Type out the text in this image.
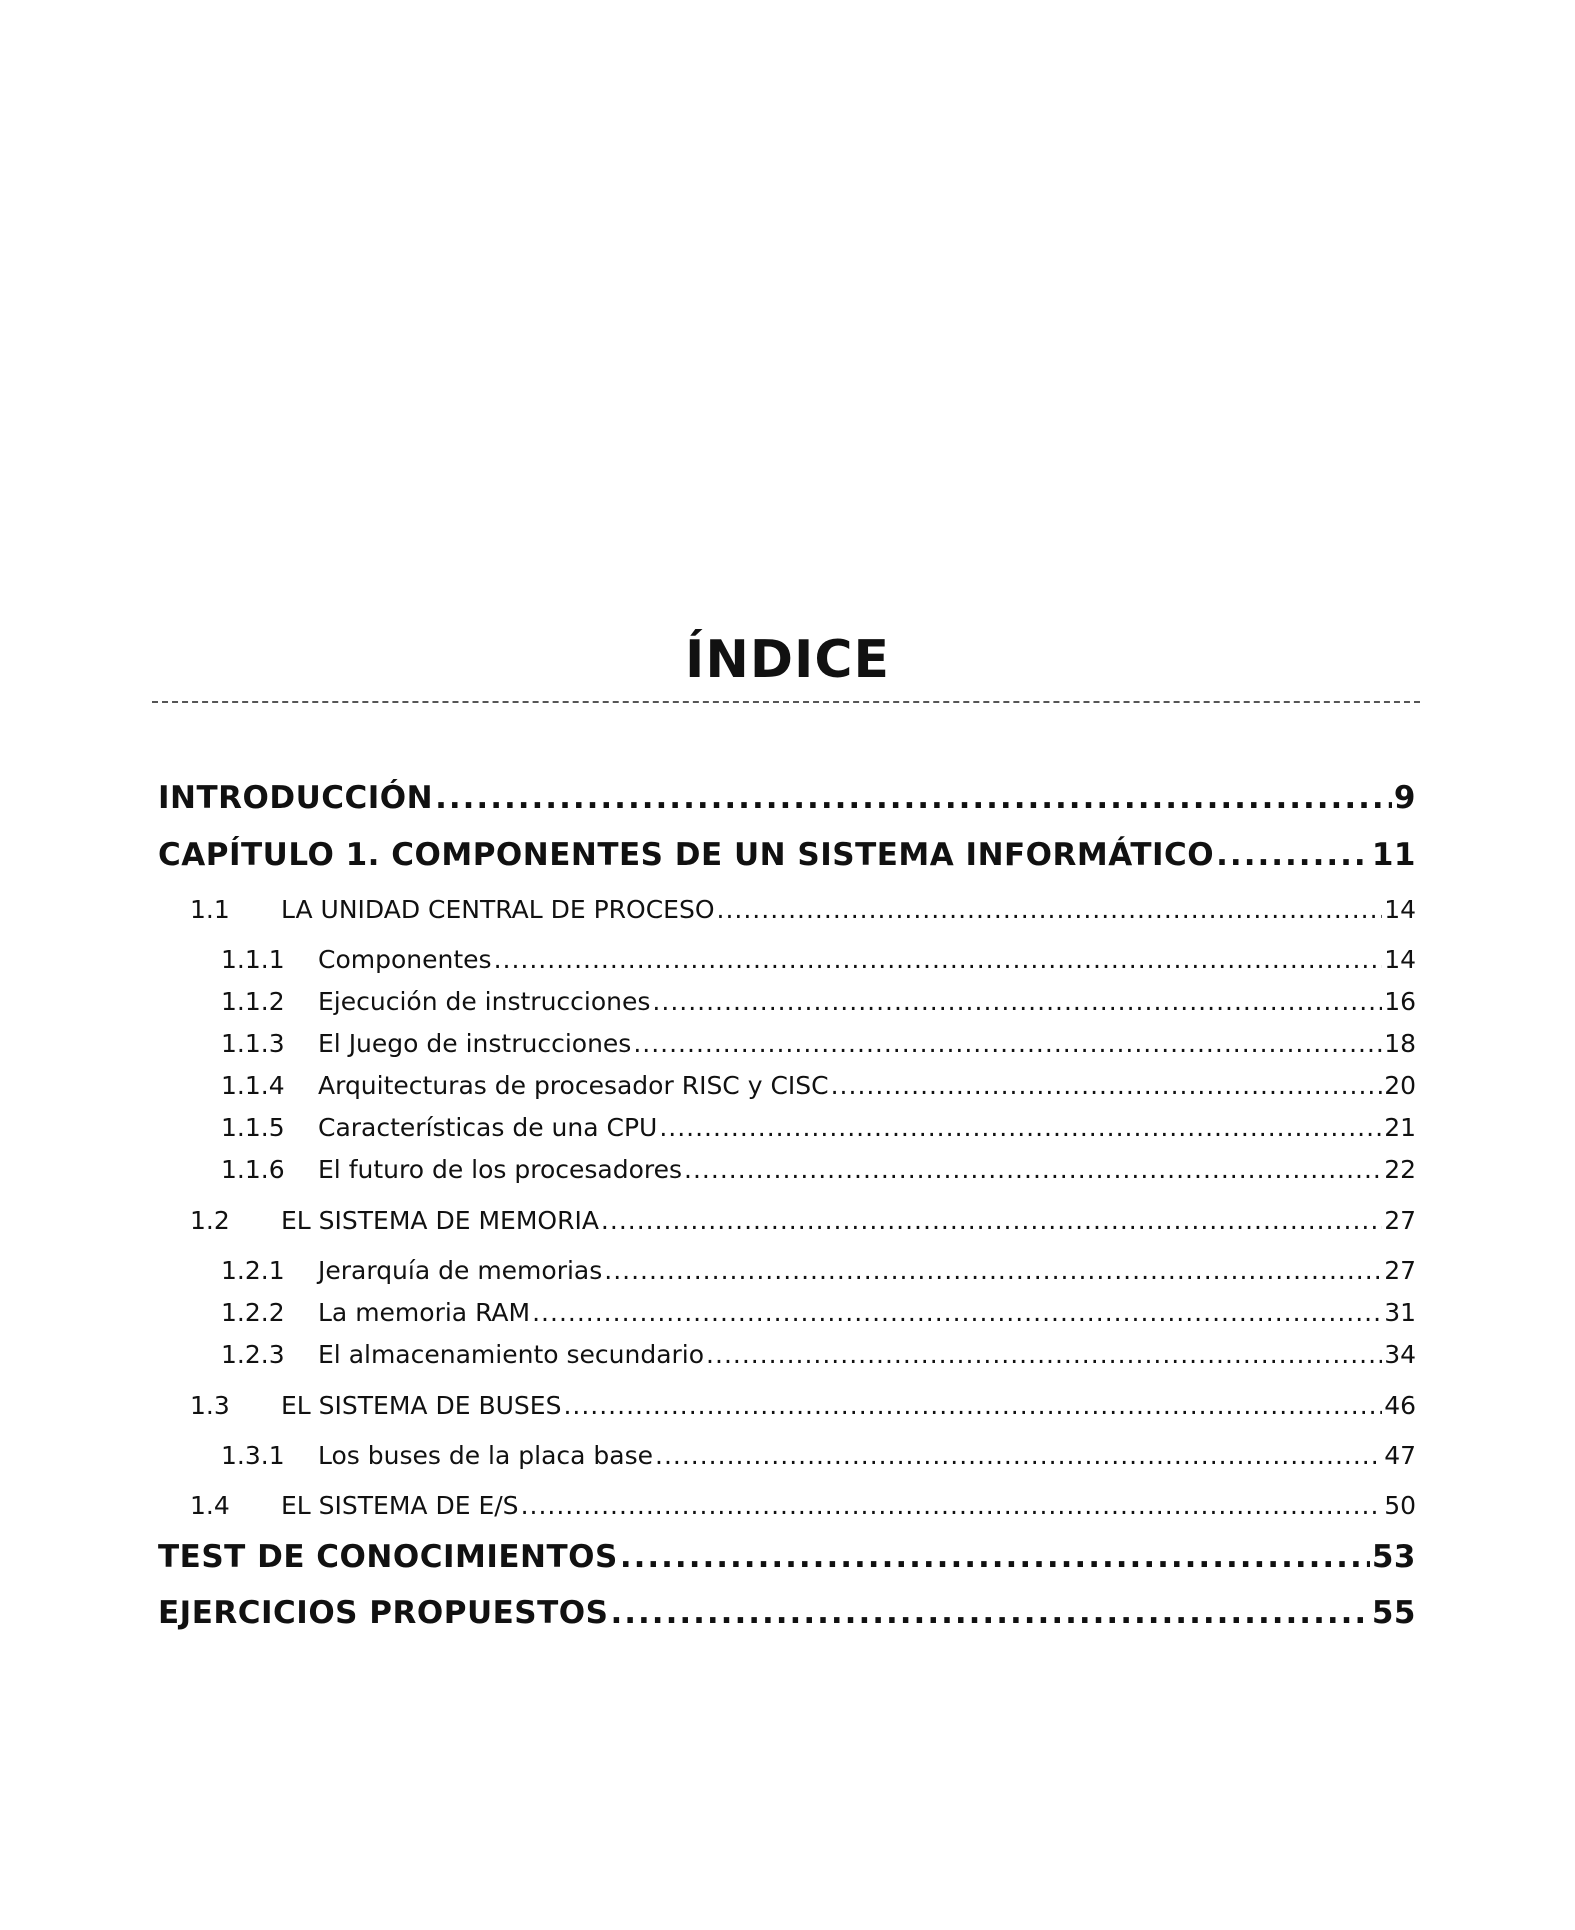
ÍNDICE
INTRODUCCIÓN .....	9
CAPÍTULO 1. COMPONENTES DE UN SISTEMA INFORMÁTICO .....	11
1.1	LA UNIDAD CENTRAL DE PROCESO .....	14
1.1.1	Componentes .....	14
1.1.2	Ejecución de instrucciones .....	16
1.1.3	El Juego de instrucciones .....	18
1.1.4	Arquitecturas de procesador RISC y CISC .....	20
1.1.5	Características de una CPU .....	21
1.1.6	El futuro de los procesadores .....	22
1.2	EL SISTEMA DE MEMORIA .....	27
1.2.1	Jerarquía de memorias .....	27
1.2.2	La memoria RAM .....	31
1.2.3	El almacenamiento secundario .....	34
1.3	EL SISTEMA DE BUSES .....	46
1.3.1	Los buses de la placa base .....	47
1.4	EL SISTEMA DE E/S .....	50
TEST DE CONOCIMIENTOS .....	53
EJERCICIOS PROPUESTOS .....	55
